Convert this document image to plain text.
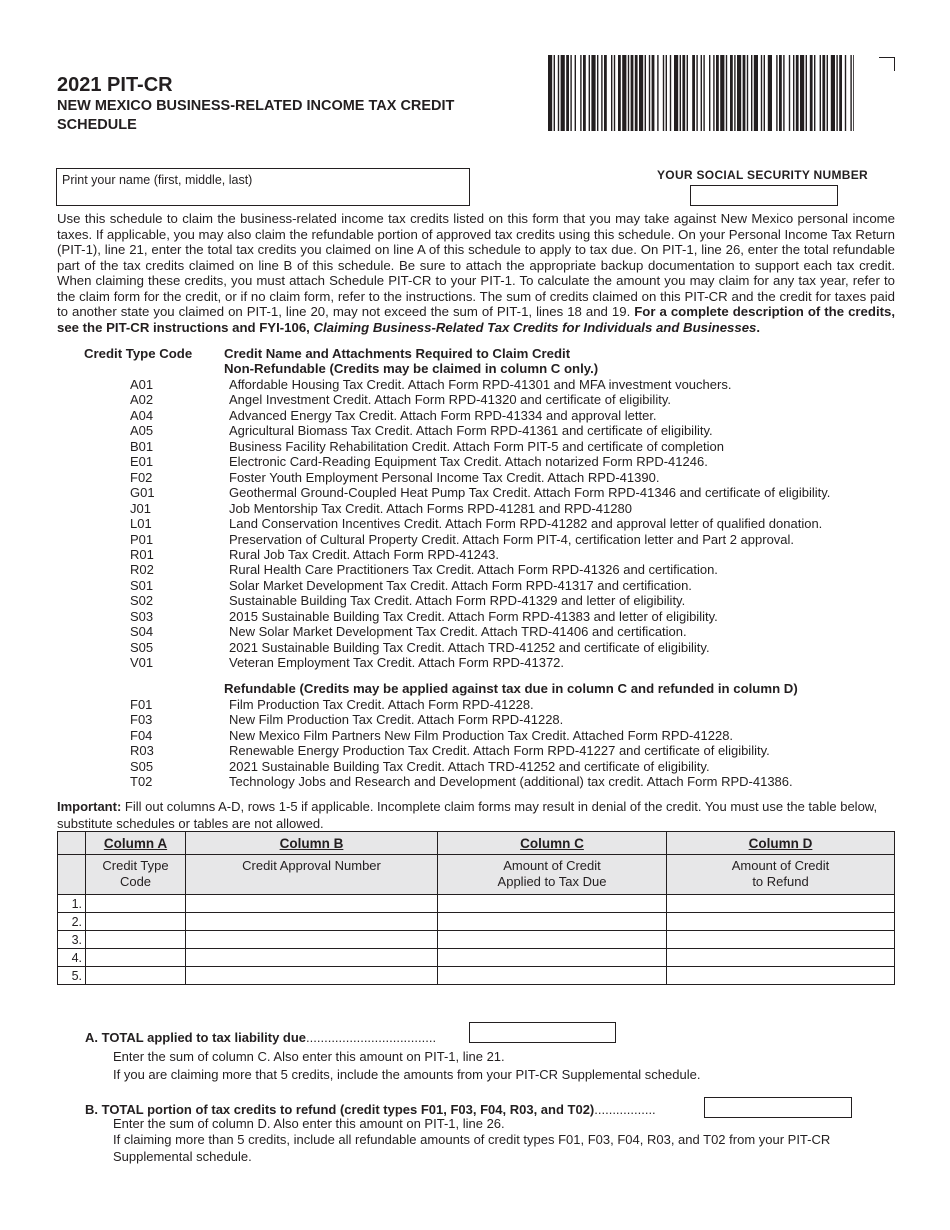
2021 PIT-CR
NEW MEXICO BUSINESS-RELATED INCOME TAX CREDIT SCHEDULE
Print your name (first, middle, last)	YOUR SOCIAL SECURITY NUMBER
Use this schedule to claim the business-related income tax credits listed on this form that you may take against New Mexico personal income taxes. If applicable, you may also claim the refundable portion of approved tax credits using this schedule. On your Personal Income Tax Return (PIT-1), line 21, enter the total tax credits you claimed on line A of this schedule to apply to tax due. On PIT-1, line 26, enter the total refundable part of the tax credits claimed on line B of this schedule. Be sure to attach the appropriate backup documentation to support each tax credit. When claiming these credits, you must attach Schedule PIT-CR to your PIT-1. To calculate the amount you may claim for any tax year, refer to the claim form for the credit, or if no claim form, refer to the instructions. The sum of credits claimed on this PIT-CR and the credit for taxes paid to another state you claimed on PIT-1, line 20, may not exceed the sum of PIT-1, lines 18 and 19. For a complete description of the credits, see the PIT-CR instructions and FYI-106, Claiming Business-Related Tax Credits for Individuals and Businesses.
Credit Type Code Credit Name and Attachments Required to Claim Credit
Non-Refundable (Credits may be claimed in column C only.)
A01	Affordable Housing Tax Credit. Attach Form RPD-41301 and MFA investment vouchers.
A02	Angel Investment Credit. Attach Form RPD-41320 and certificate of eligibility.
A04	Advanced Energy Tax Credit. Attach Form RPD-41334 and approval letter.
A05	Agricultural Biomass Tax Credit. Attach Form RPD-41361 and certificate of eligibility.
B01	Business Facility Rehabilitation Credit. Attach Form PIT-5 and certificate of completion
E01	Electronic Card-Reading Equipment Tax Credit. Attach notarized Form RPD-41246.
F02	Foster Youth Employment Personal Income Tax Credit. Attach RPD-41390.
G01	Geothermal Ground-Coupled Heat Pump Tax Credit. Attach Form RPD-41346 and certificate of eligibility.
J01	Job Mentorship Tax Credit. Attach Forms RPD-41281 and RPD-41280
L01	Land Conservation Incentives Credit. Attach Form RPD-41282 and approval letter of qualified donation.
P01	Preservation of Cultural Property Credit. Attach Form PIT-4, certification letter and Part 2 approval.
R01	Rural Job Tax Credit. Attach Form RPD-41243.
R02	Rural Health Care Practitioners Tax Credit. Attach Form RPD-41326 and certification.
S01	Solar Market Development Tax Credit. Attach Form RPD-41317 and certification.
S02	Sustainable Building Tax Credit. Attach Form RPD-41329 and letter of eligibility.
S03	2015 Sustainable Building Tax Credit. Attach Form RPD-41383 and letter of eligibility.
S04	New Solar Market Development Tax Credit. Attach TRD-41406 and certification.
S05	2021 Sustainable Building Tax Credit. Attach TRD-41252 and certificate of eligibility.
V01	Veteran Employment Tax Credit. Attach Form RPD-41372.
Refundable (Credits may be applied against tax due in column C and refunded in column D)
F01	Film Production Tax Credit. Attach Form RPD-41228.
F03	New Film Production Tax Credit. Attach Form RPD-41228.
F04	New Mexico Film Partners New Film Production Tax Credit. Attached Form RPD-41228.
R03	Renewable Energy Production Tax Credit. Attach Form RPD-41227 and certificate of eligibility.
S05	2021 Sustainable Building Tax Credit. Attach TRD-41252 and certificate of eligibility.
T02	Technology Jobs and Research and Development (additional) tax credit. Attach Form RPD-41386.
Important: Fill out columns A-D, rows 1-5 if applicable. Incomplete claim forms may result in denial of the credit. You must use the table below, substitute schedules or tables are not allowed.
	Column A	Column B	Column C	Column D
	Credit Type Code	Credit Approval Number	Amount of Credit Applied to Tax Due	Amount of Credit to Refund
1.				
2.				
3.				
4.				
5.				
A. TOTAL applied to tax liability due....................................
Enter the sum of column C. Also enter this amount on PIT-1, line 21.
If you are claiming more that 5 credits, include the amounts from your PIT-CR Supplemental schedule.
B. TOTAL portion of tax credits to refund (credit types F01, F03, F04, R03, and T02).................
Enter the sum of column D. Also enter this amount on PIT-1, line 26.
If claiming more than 5 credits, include all refundable amounts of credit types F01, F03, F04, R03, and T02 from your PIT-CR Supplemental schedule.
